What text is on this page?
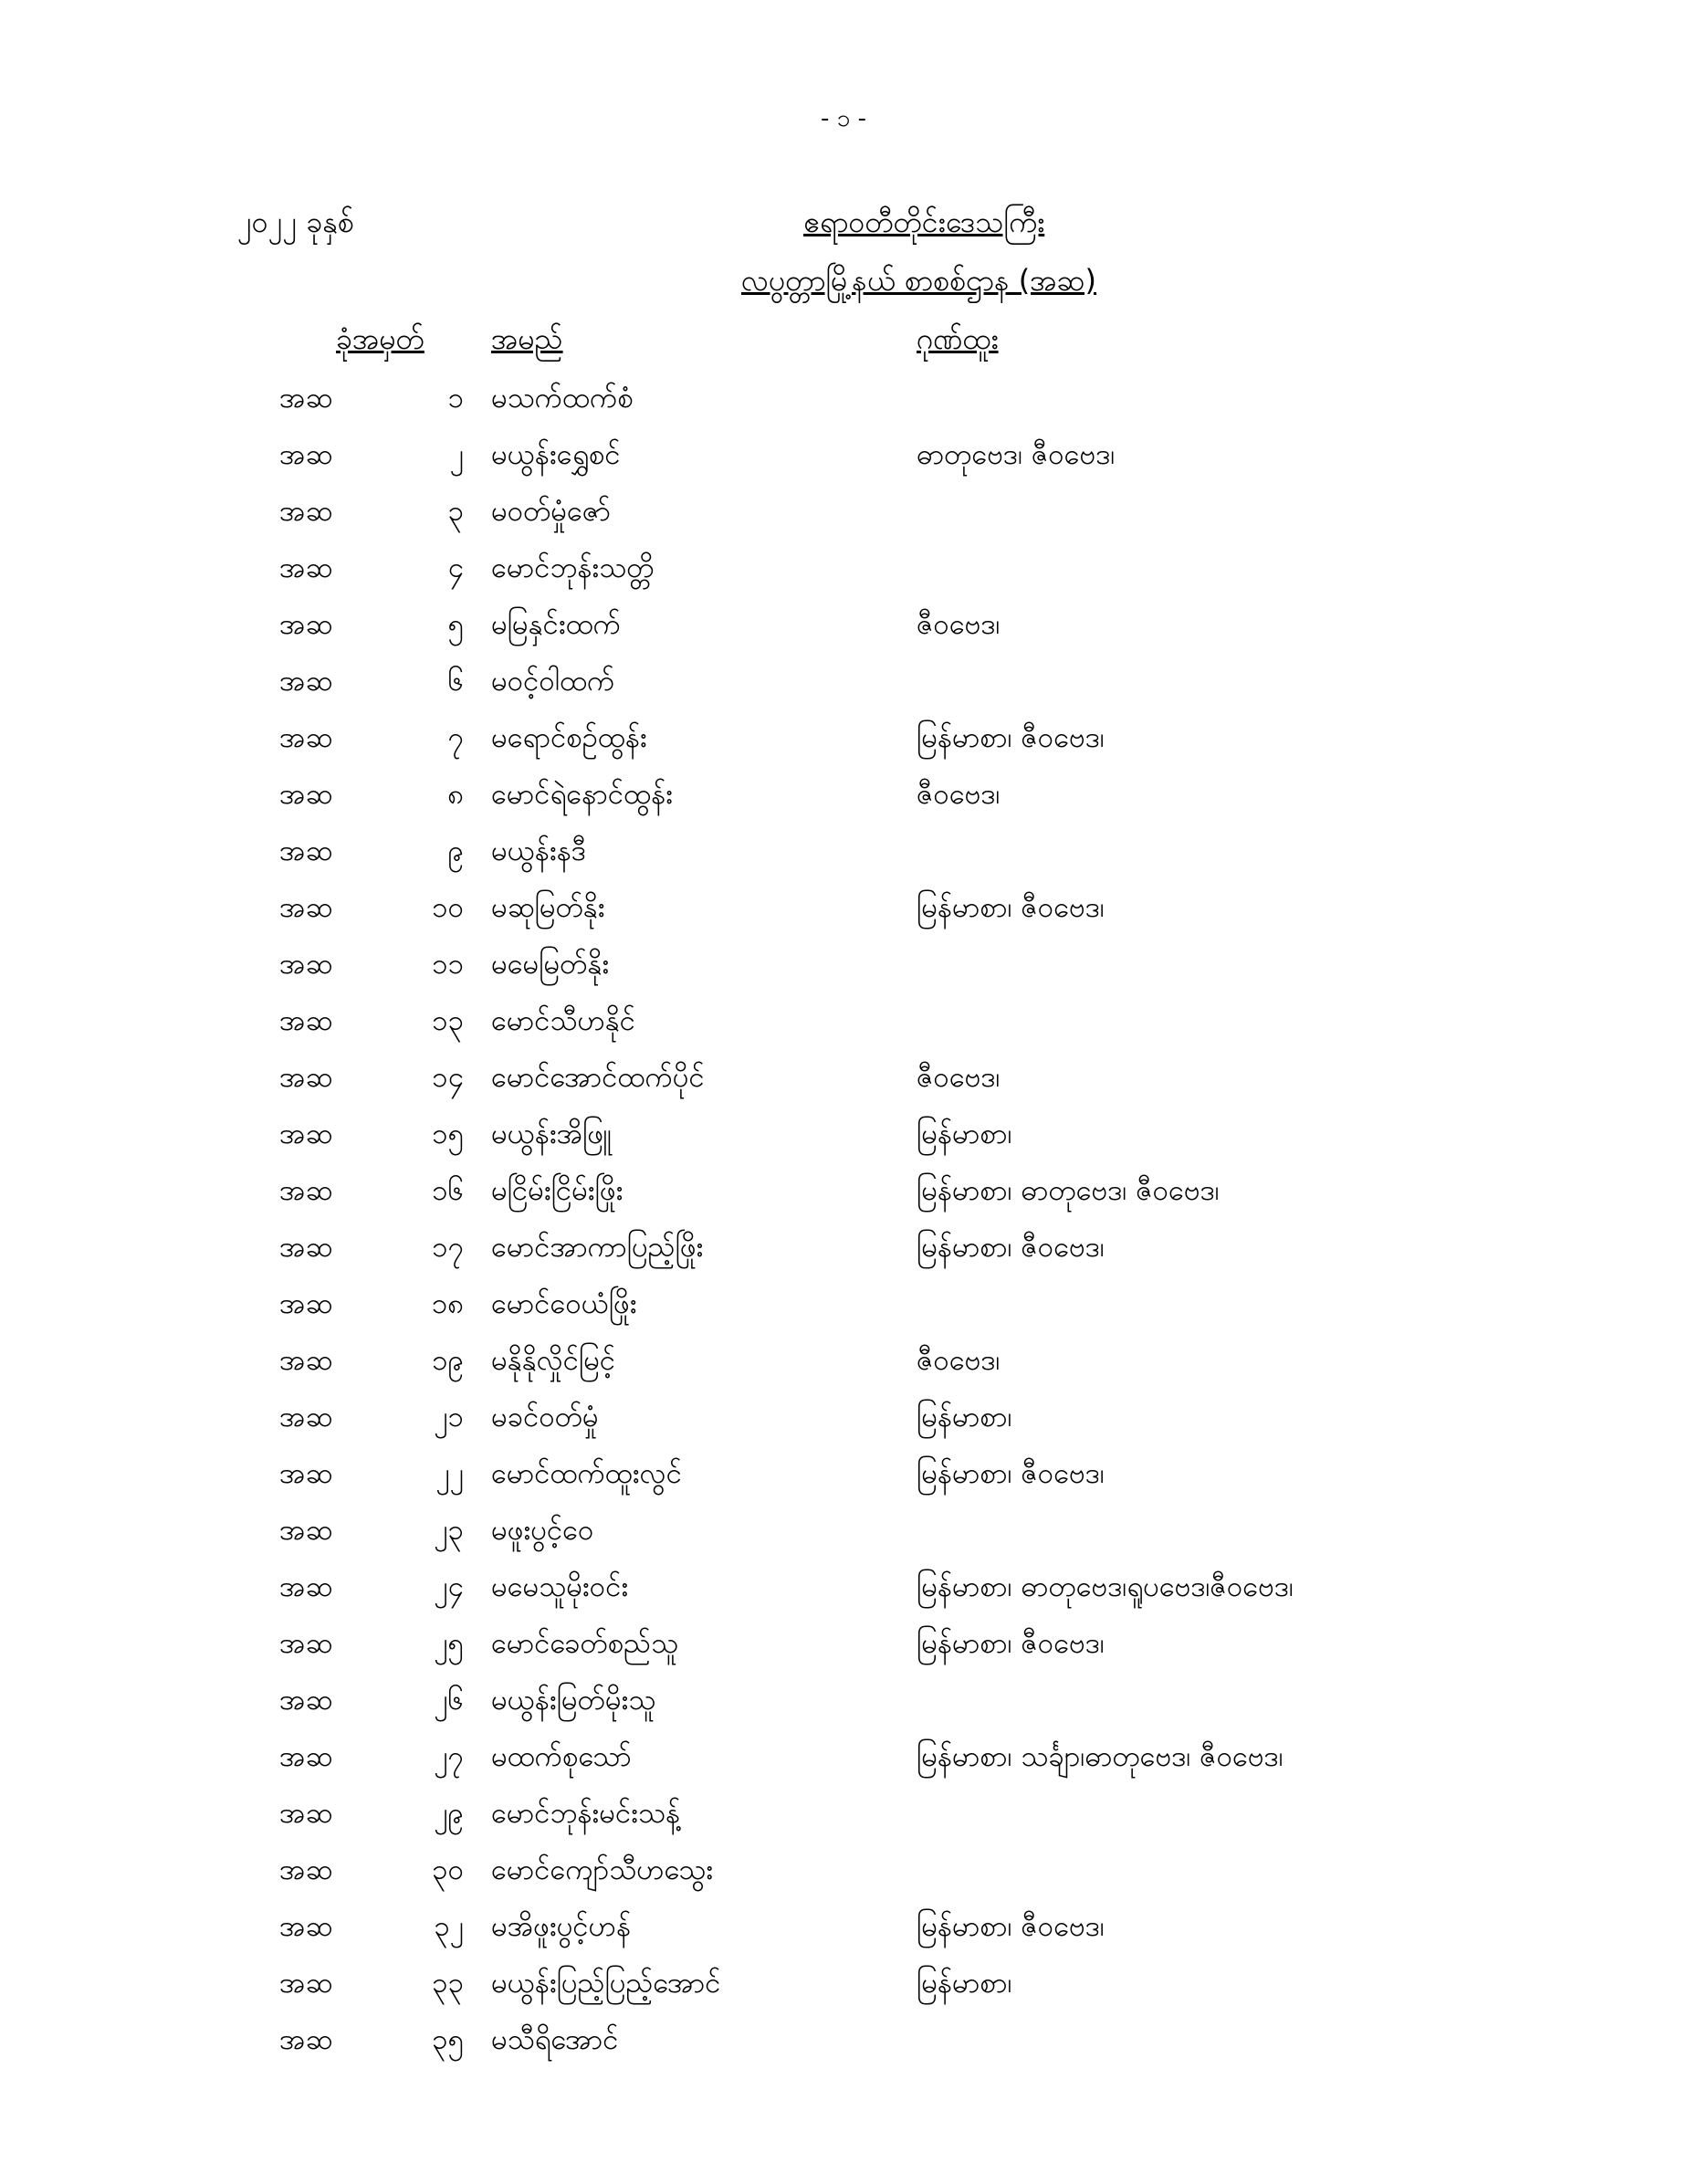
- ၁ -
၂၀၂၂ ခုနှစ်	ဧရာဝတီတိုင်းဒေသကြီး
လပွတ္တာမြို့နယ် စာစစ်ဌာန (အဆ)
ခုံအမှတ် အမည်	ဂုဏ်ထူး
အဆ	၁ မသက်ထက်စံ
အဆ	၂ မယွန်းရွှေစင်	ဓာတုဗေဒ၊ ဇီဝဗေဒ၊
အဆ	၃ မဝတ်မှုံဇော်
အဆ	၄ မောင်ဘုန်းသတ္တိ
အဆ	၅ မမြနှင်းထက်	ဇီဝဗေဒ၊
အဆ	၆ မဝင့်ဝါထက်
အဆ	၇ မရောင်စဉ်ထွန်း	မြန်မာစာ၊ ဇီဝဗေဒ၊
အဆ	၈ မောင်ရဲနောင်ထွန်း	ဇီဝဗေဒ၊
အဆ	၉ မယွန်းနဒီ
အဆ	၁၀ မဆုမြတ်နိုး	မြန်မာစာ၊ ဇီဝဗေဒ၊
အဆ	၁၁ မမေမြတ်နိုး
အဆ	၁၃ မောင်သီဟနိုင်
အဆ	၁၄ မောင်အောင်ထက်ပိုင်	ဇီဝဗေဒ၊
အဆ	၁၅ မယွန်းအိဖြူ	မြန်မာစာ၊
အဆ	၁၆ မငြိမ်းငြိမ်းဖြိုး	မြန်မာစာ၊ ဓာတုဗေဒ၊ ဇီဝဗေဒ၊
အဆ	၁၇ မောင်အာကာပြည့်ဖြိုး	မြန်မာစာ၊ ဇီဝဗေဒ၊
အဆ	၁၈ မောင်ဝေယံဖြိုး
အဆ	၁၉ မနိုနိုလှိုင်မြင့်	ဇီဝဗေဒ၊
အဆ	၂၁ မခင်ဝတ်မှုံ	မြန်မာစာ၊
အဆ	၂၂ မောင်ထက်ထူးလွင်	မြန်မာစာ၊ ဇီဝဗေဒ၊
အဆ	၂၃ မဖူးပွင့်ဝေ
အဆ	၂၄ မမေသူမိုးဝင်း	မြန်မာစာ၊ ဓာတုဗေဒ၊ရူပဗေဒ၊ဇီဝဗေဒ၊
အဆ	၂၅ မောင်ခေတ်စည်သူ	မြန်မာစာ၊ ဇီဝဗေဒ၊
အဆ	၂၆ မယွန်းမြတ်မိုးသူ
အဆ	၂၇ မထက်စုသော်	မြန်မာစာ၊ သင်္ချာ၊ဓာတုဗေဒ၊ ဇီဝဗေဒ၊
အဆ	၂၉ မောင်ဘုန်းမင်းသန့်
အဆ	၃၀ မောင်ကျော်သီဟသွေး
အဆ	၃၂ မအိဖူးပွင့်ဟန်	မြန်မာစာ၊ ဇီဝဗေဒ၊
အဆ	၃၃ မယွန်းပြည့်ပြည့်အောင်	မြန်မာစာ၊
အဆ	၃၅ မသီရိအောင်
